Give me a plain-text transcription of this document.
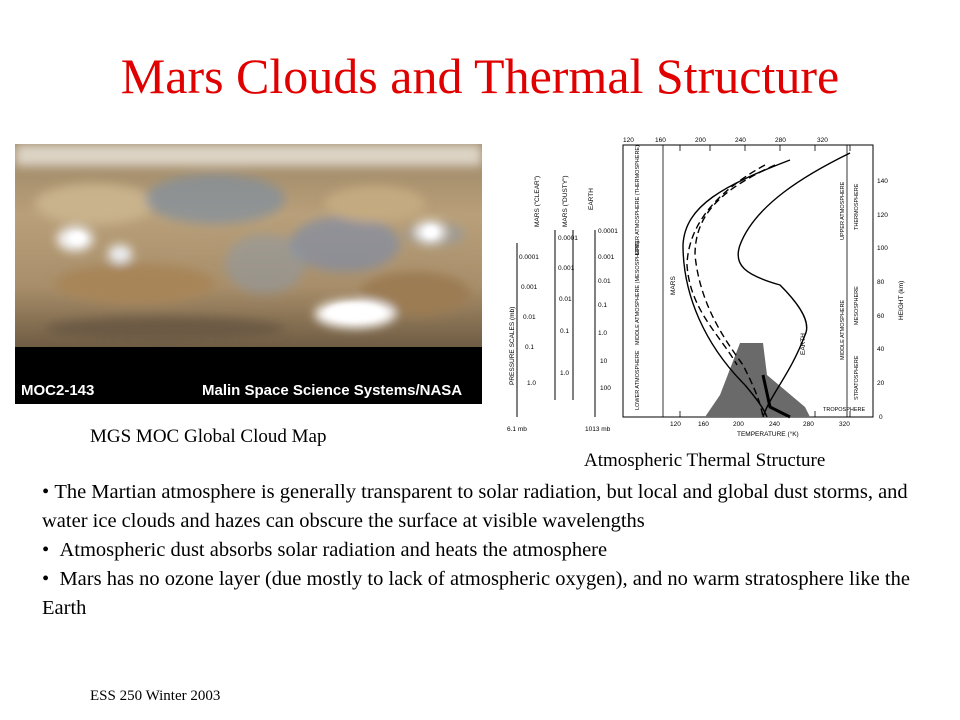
Mars Clouds and Thermal Structure
MOC2-143	Malin Space Science Systems/NASA
MGS MOC Global Cloud Map
120	160	200	240	280	320
120	160	200	240	280	320
TEMPERATURE (°K)
140
120
100
80
60
40
20
0
HEIGHT (km)
PRESSURE SCALES (mb)
MARS ("CLEAR")	MARS ("DUSTY")	EARTH
0.0001
0.001
0.01
0.1
1.0
0.0001
0.001
0.01
0.1
1.0
0.0001
0.001
0.01
0.1
1.0
10
100
6.1 mb	1013 mb
UPPER ATMOSPHERE (THERMOSPHERE)
MIDDLE ATMOSPHERE (MESOSPHERE)
LOWER ATMOSPHERE
MARS
EARTH
UPPER ATMOSPHERE THERMOSPHERE
MIDDLE ATMOSPHERE MESOSPHERE
STRATOSPHERE
TROPOSPHERE
Atmospheric Thermal Structure

• The Martian atmosphere is generally transparent to solar radiation, but local and global dust storms, and water ice clouds and hazes can obscure the surface at visible wavelengths

•  Atmospheric dust absorbs solar radiation and heats the atmosphere

•  Mars has no ozone layer (due mostly to lack of atmospheric oxygen), and no warm stratosphere like the Earth

ESS 250 Winter 2003
